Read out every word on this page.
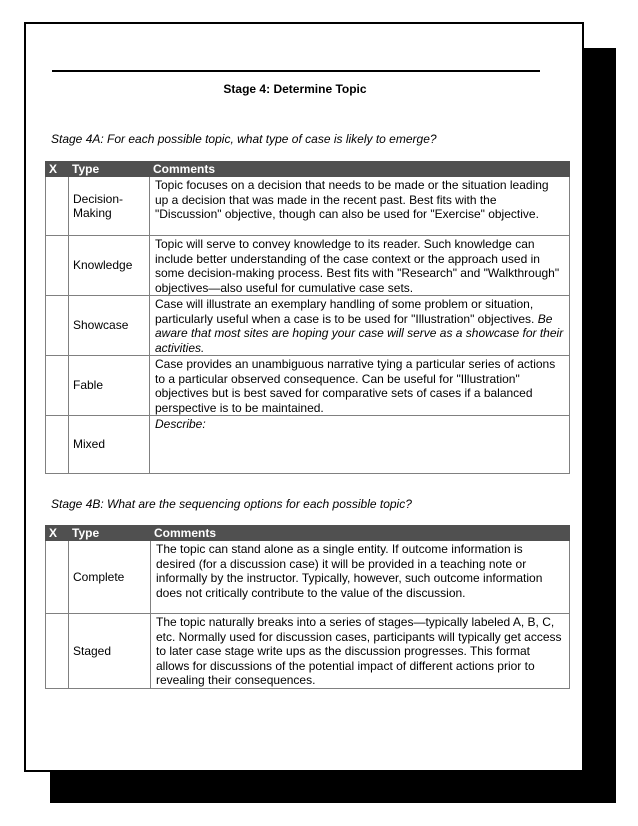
Stage 4: Determine Topic
Stage 4A: For each possible topic, what type of case is likely to emerge?
X	Type	Comments
	Decision-Making	Topic focuses on a decision that needs to be made or the situation leading up a decision that was made in the recent past. Best fits with the "Discussion" objective, though can also be used for "Exercise" objective.
	Knowledge	Topic will serve to convey knowledge to its reader. Such knowledge can include better understanding of the case context or the approach used in some decision-making process. Best fits with "Research" and "Walkthrough" objectives—also useful for cumulative case sets.
	Showcase	Case will illustrate an exemplary handling of some problem or situation, particularly useful when a case is to be used for "Illustration" objectives. Be aware that most sites are hoping your case will serve as a showcase for their activities.
	Fable	Case provides an unambiguous narrative tying a particular series of actions to a particular observed consequence. Can be useful for "Illustration" objectives but is best saved for comparative sets of cases if a balanced perspective is to be maintained.
	Mixed	Describe:
Stage 4B: What are the sequencing options for each possible topic?
X	Type	Comments
	Complete	The topic can stand alone as a single entity. If outcome information is desired (for a discussion case) it will be provided in a teaching note or informally by the instructor. Typically, however, such outcome information does not critically contribute to the value of the discussion.
	Staged	The topic naturally breaks into a series of stages—typically labeled A, B, C, etc. Normally used for discussion cases, participants will typically get access to later case stage write ups as the discussion progresses. This format allows for discussions of the potential impact of different actions prior to revealing their consequences.
